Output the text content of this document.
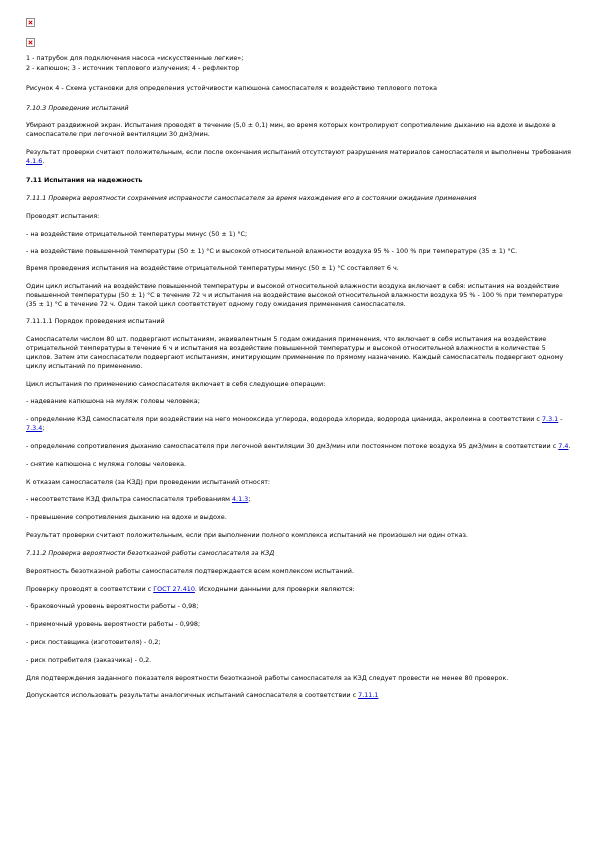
1 - патрубок для подключения насоса «искусственные легкие»;

2 - капюшон; 3 - источник теплового излучения; 4 - рефлектор

Рисунок 4 - Схема установки для определения устойчивости капюшона самоспасателя к воздействию теплового потока

7.10.3 Проведение испытаний

Убирают раздвижной экран. Испытания проводят в течение (5,0 ± 0,1) мин, во время которых контролируют сопротивление дыханию на вдохе и выдохе в самоспасателе при легочной вентиляции 30 дм3/мин.

Результат проверки считают положительным, если после окончания испытаний отсутствуют разрушения материалов самоспасателя и выполнены требования 4.1.6.

7.11 Испытания на надежность

7.11.1 Проверка вероятности сохранения исправности самоспасателя за время нахождения его в состоянии ожидания применения

Проводят испытания:

- на воздействие отрицательной температуры минус (50 ± 1) °С;

- на воздействие повышенной температуры (50 ± 1) °С и высокой относительной влажности воздуха 95 % - 100 % при температуре (35 ± 1) °С.

Время проведения испытания на воздействие отрицательной температуры минус (50 ± 1) °С составляет 6 ч.

Один цикл испытаний на воздействие повышенной температуры и высокой относительной влажности воздуха включает в себя: испытания на воздействие повышенной температуры (50 ± 1) °С в течение 72 ч и испытания на воздействие высокой относительной влажности воздуха 95 % - 100 % при температуре (35 ± 1) °С в течение 72 ч. Один такой цикл соответствует одному году ожидания применения самоспасателя.

7.11.1.1 Порядок проведения испытаний

Самоспасатели числом 80 шт. подвергают испытаниям, эквивалентным 5 годам ожидания применения, что включает в себя испытания на воздействие отрицательной температуры в течение 6 ч и испытания на воздействие повышенной температуры и высокой относительной влажности в количестве 5 циклов. Затем эти самоспасатели подвергают испытаниям, имитирующим применение по прямому назначению. Каждый самоспасатель подвергают одному циклу испытаний по применению.

Цикл испытания по применению самоспасателя включает в себя следующие операции:

- надевание капюшона на муляж головы человека;

- определение КЗД самоспасателя при воздействии на него монооксида углерода, водорода хлорида, водорода цианида, акролеина в соответствии с 7.3.1 - 7.3.4;

- определение сопротивления дыханию самоспасателя при легочной вентиляции 30 дм3/мин или постоянном потоке воздуха 95 дм3/мин в соответствии с 7.4.

- снятие капюшона с муляжа головы человека.

К отказам самоспасателя (за КЗД) при проведении испытаний относят:

- несоответствие КЗД фильтра самоспасателя требованиям 4.1.3;

- превышение сопротивления дыханию на вдохе и выдохе.

Результат проверки считают положительным, если при выполнении полного комплекса испытаний не произошел ни один отказ.

7.11.2 Проверка вероятности безотказной работы самоспасателя за КЗД

Вероятность безотказной работы самоспасателя подтверждается всем комплексом испытаний.

Проверку проводят в соответствии с ГОСТ 27.410. Исходными данными для проверки являются:

- браковочный уровень вероятности работы - 0,98;

- приемочный уровень вероятности работы - 0,998;

- риск поставщика (изготовителя) - 0,2;

- риск потребителя (заказчика) - 0,2.

Для подтверждения заданного показателя вероятности безотказной работы самоспасателя за КЗД следует провести не менее 80 проверок.

Допускается использовать результаты аналогичных испытаний самоспасателя в соответствии с 7.11.1
